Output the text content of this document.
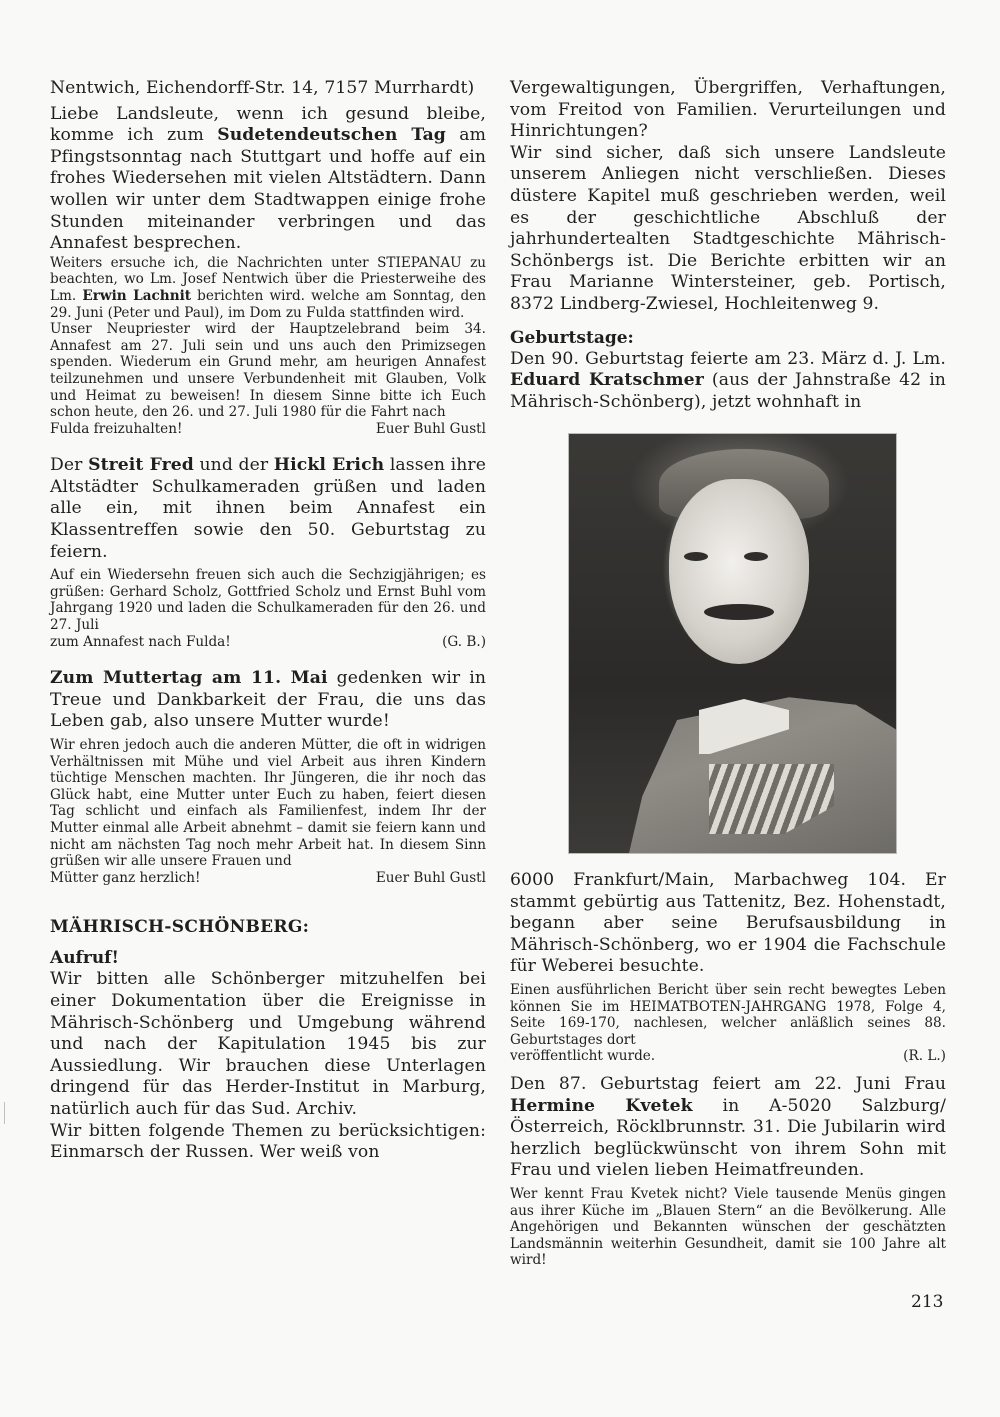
Nentwich, Eichendorff-Str. 14, 7157 Murrhardt)

Liebe Landsleute, wenn ich gesund bleibe, komme ich zum Sudetendeutschen Tag am Pfingstsonntag nach Stuttgart und hoffe auf ein frohes Wiedersehen mit vielen Altstädtern. Dann wollen wir unter dem Stadtwappen einige frohe Stunden miteinander verbringen und das Annafest besprechen.

Weiters ersuche ich, die Nachrichten unter STIEPANAU zu beachten, wo Lm. Josef Nentwich über die Priesterweihe des Lm. Erwin Lachnit berichten wird. welche am Sonntag, den 29. Juni (Peter und Paul), im Dom zu Fulda stattfinden wird.

Unser Neupriester wird der Hauptzelebrand beim 34. Annafest am 27. Juli sein und uns auch den Primizsegen spenden. Wiederum ein Grund mehr, am heurigen Annafest teilzunehmen und unsere Verbundenheit mit Glauben, Volk und Heimat zu beweisen! In diesem Sinne bitte ich Euch schon heute, den 26. und 27. Juli 1980 für die Fahrt nach

Fulda freizuhalten!	Euer Buhl Gustl

Der Streit Fred und der Hickl Erich lassen ihre Altstädter Schulkameraden grüßen und laden alle ein, mit ihnen beim Annafest ein Klassentreffen sowie den 50. Geburtstag zu feiern.

Auf ein Wiedersehn freuen sich auch die Sechzigjährigen; es grüßen: Gerhard Scholz, Gottfried Scholz und Ernst Buhl vom Jahrgang 1920 und laden die Schulkameraden für den 26. und 27. Juli

zum Annafest nach Fulda!	(G. B.)

Zum Muttertag am 11. Mai gedenken wir in Treue und Dankbarkeit der Frau, die uns das Leben gab, also unsere Mutter wurde!

Wir ehren jedoch auch die anderen Mütter, die oft in widrigen Verhältnissen mit Mühe und viel Arbeit aus ihren Kindern tüchtige Menschen machten. Ihr Jüngeren, die ihr noch das Glück habt, eine Mutter unter Euch zu haben, feiert diesen Tag schlicht und einfach als Familienfest, indem Ihr der Mutter einmal alle Arbeit abnehmt – damit sie feiern kann und nicht am nächsten Tag noch mehr Arbeit hat. In diesem Sinn grüßen wir alle unsere Frauen und

Mütter ganz herzlich!	Euer Buhl Gustl
MÄHRISCH-SCHÖNBERG:
Aufruf!

Wir bitten alle Schönberger mitzuhelfen bei einer Dokumentation über die Ereignisse in Mährisch-Schönberg und Umgebung während und nach der Kapitulation 1945 bis zur Aussiedlung. Wir brauchen diese Unterlagen dringend für das Herder-Institut in Marburg, natürlich auch für das Sud. Archiv.

Wir bitten folgende Themen zu berücksichtigen: Einmarsch der Russen. Wer weiß von

Vergewaltigungen, Übergriffen, Verhaftungen, vom Freitod von Familien. Verurteilungen und Hinrichtungen?

Wir sind sicher, daß sich unsere Landsleute unserem Anliegen nicht verschließen. Dieses düstere Kapitel muß geschrieben werden, weil es der geschichtliche Abschluß der jahrhundertealten Stadtgeschichte Mährisch-Schönbergs ist. Die Berichte erbitten wir an Frau Marianne Wintersteiner, geb. Portisch, 8372 Lindberg-Zwiesel, Hochleitenweg 9.

Geburtstage:

Den 90. Geburtstag feierte am 23. März d. J. Lm. Eduard Kratschmer (aus der Jahnstraße 42 in Mährisch-Schönberg), jetzt wohnhaft in

6000 Frankfurt/Main, Marbachweg 104. Er stammt gebürtig aus Tattenitz, Bez. Hohenstadt, begann aber seine Berufsausbildung in Mährisch-Schönberg, wo er 1904 die Fachschule für Weberei besuchte.

Einen ausführlichen Bericht über sein recht bewegtes Leben können Sie im HEIMATBOTEN-JAHRGANG 1978, Folge 4, Seite 169-170, nachlesen, welcher anläßlich seines 88. Geburtstages dort

veröffentlicht wurde.	(R. L.)

Den 87. Geburtstag feiert am 22. Juni Frau Hermine Kvetek in A-5020 Salzburg/Österreich, Röcklbrunnstr. 31. Die Jubilarin wird herzlich beglückwünscht von ihrem Sohn mit Frau und vielen lieben Heimatfreunden.

Wer kennt Frau Kvetek nicht? Viele tausende Menüs gingen aus ihrer Küche im „Blauen Stern“ an die Bevölkerung. Alle Angehörigen und Bekannten wünschen der geschätzten Landsmännin weiterhin Gesundheit, damit sie 100 Jahre alt wird!

213
